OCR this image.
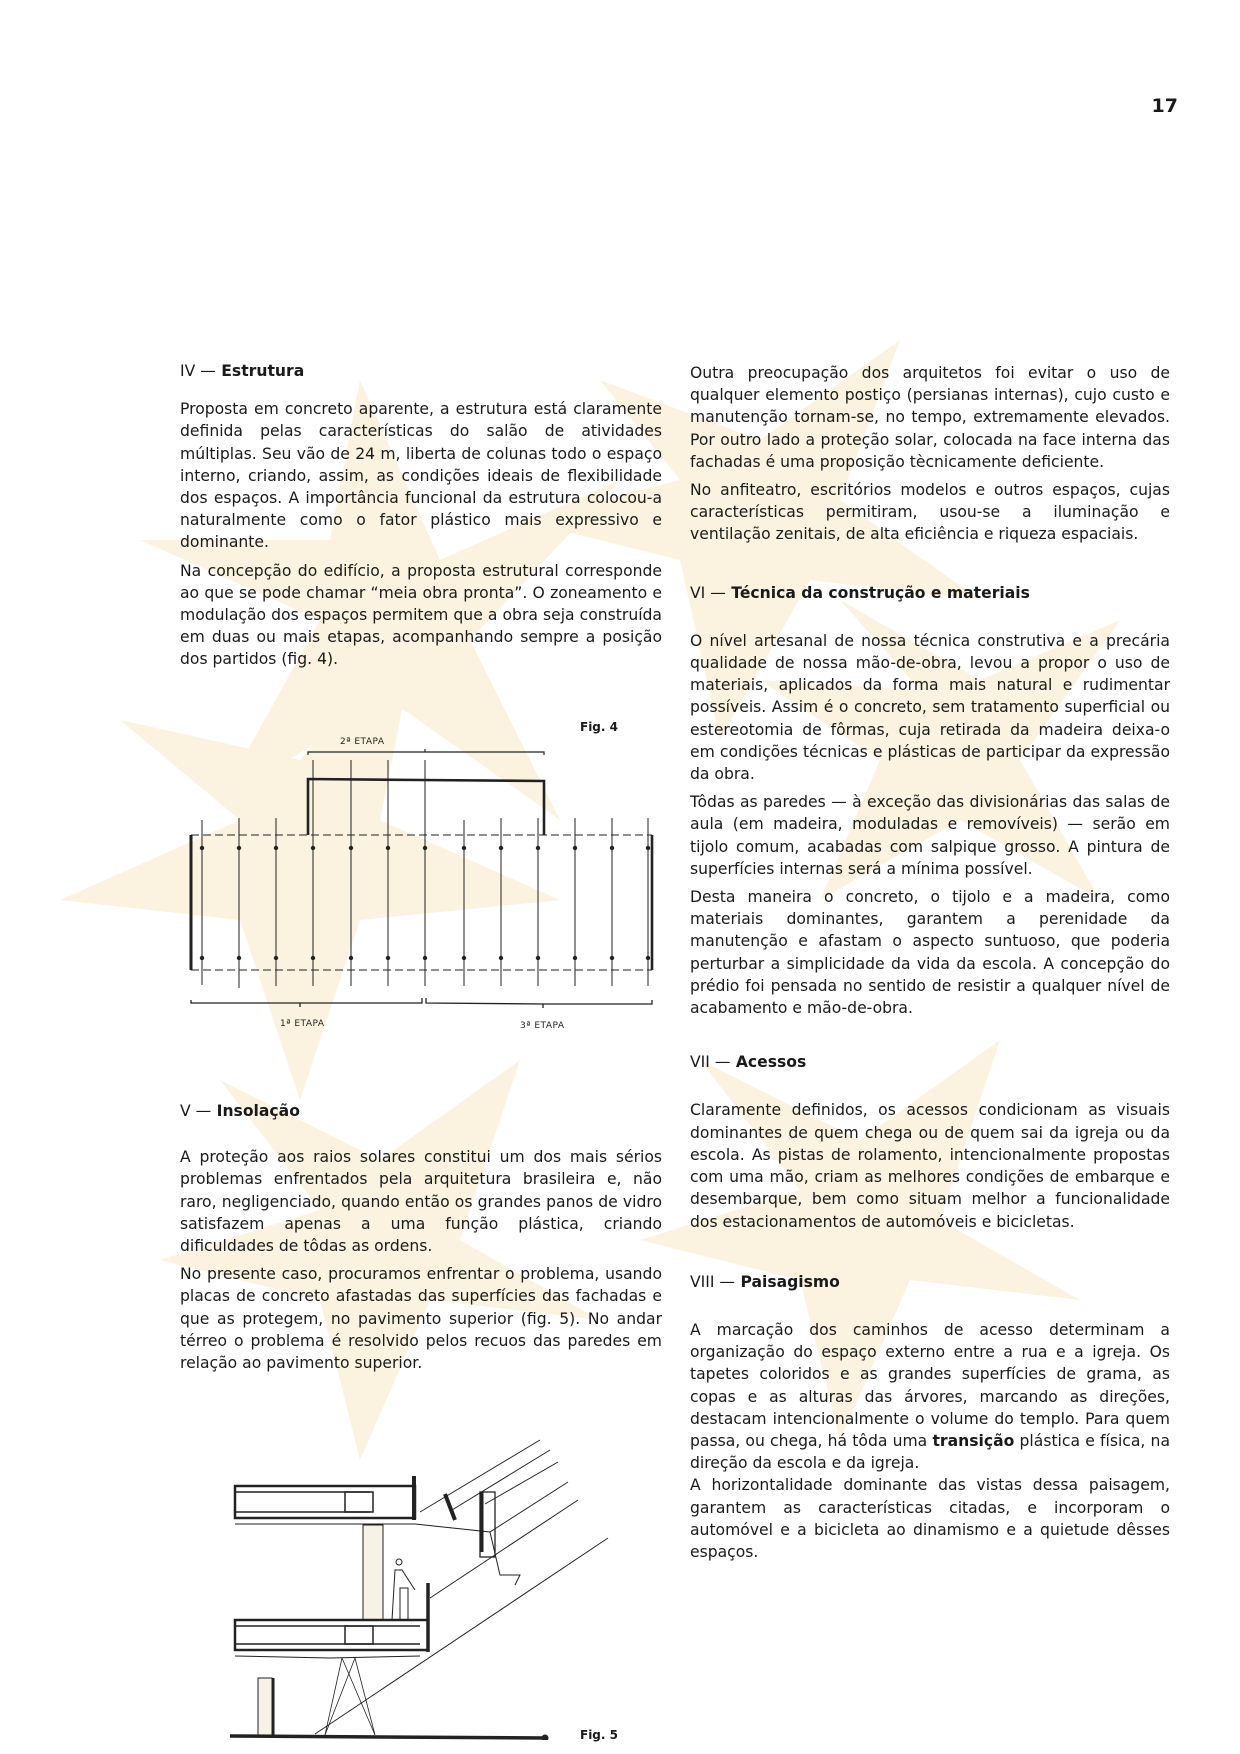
17
IV — Estrutura

Proposta em concreto aparente, a estrutura está claramente definida pelas características do salão de atividades múltiplas. Seu vão de 24 m, liberta de colunas todo o espaço interno, criando, assim, as condições ideais de flexibilidade dos espaços. A importância funcional da estrutura colocou-a naturalmente como o fator plástico mais expressivo e dominante.

Na concepção do edifício, a proposta estrutural corresponde ao que se pode chamar “meia obra pronta”. O zoneamento e modulação dos espaços permitem que a obra seja construída em duas ou mais etapas, acompanhando sempre a posição dos partidos (fig. 4).

Fig. 4
2ª ETAPA
1ª ETAPA	3ª ETAPA
V — Insolação

A proteção aos raios solares constitui um dos mais sérios problemas enfrentados pela arquitetura brasileira e, não raro, negligenciado, quando então os grandes panos de vidro satisfazem apenas a uma função plástica, criando dificuldades de tôdas as ordens.

No presente caso, procuramos enfrentar o problema, usando placas de concreto afastadas das superfícies das fachadas e que as protegem, no pavimento superior (fig. 5). No andar térreo o problema é resolvido pelos recuos das paredes em relação ao pavimento superior.

Fig. 5

Outra preocupação dos arquitetos foi evitar o uso de qualquer elemento postiço (persianas internas), cujo custo e manutenção tornam-se, no tempo, extremamente elevados. Por outro lado a proteção solar, colocada na face interna das fachadas é uma proposição tècnicamente deficiente.

No anfiteatro, escritórios modelos e outros espaços, cujas características permitiram, usou-se a iluminação e ventilação zenitais, de alta eficiência e riqueza espaciais.

VI — Técnica da construção e materiais

O nível artesanal de nossa técnica construtiva e a precária qualidade de nossa mão-de-obra, levou a propor o uso de materiais, aplicados da forma mais natural e rudimentar possíveis. Assim é o concreto, sem tratamento superficial ou estereotomia de fôrmas, cuja retirada da madeira deixa-o em condições técnicas e plásticas de participar da expressão da obra.

Tôdas as paredes — à exceção das divisionárias das salas de aula (em madeira, moduladas e removíveis) — serão em tijolo comum, acabadas com salpique grosso. A pintura de superfícies internas será a mínima possível.

Desta maneira o concreto, o tijolo e a madeira, como materiais dominantes, garantem a perenidade da manutenção e afastam o aspecto suntuoso, que poderia perturbar a simplicidade da vida da escola. A concepção do prédio foi pensada no sentido de resistir a qualquer nível de acabamento e mão-de-obra.

VII — Acessos

Claramente definidos, os acessos condicionam as visuais dominantes de quem chega ou de quem sai da igreja ou da escola. As pistas de rolamento, intencionalmente propostas com uma mão, criam as melhores condições de embarque e desembarque, bem como situam melhor a funcionalidade dos estacionamentos de automóveis e bicicletas.

VIII — Paisagismo

A marcação dos caminhos de acesso determinam a organização do espaço externo entre a rua e a igreja. Os tapetes coloridos e as grandes superfícies de grama, as copas e as alturas das árvores, marcando as direções, destacam intencionalmente o volume do templo. Para quem passa, ou chega, há tôda uma transição plástica e física, na direção da escola e da igreja.

A horizontalidade dominante das vistas dessa paisagem, garantem as características citadas, e incorporam o automóvel e a bicicleta ao dinamismo e a quietude dêsses espaços.
